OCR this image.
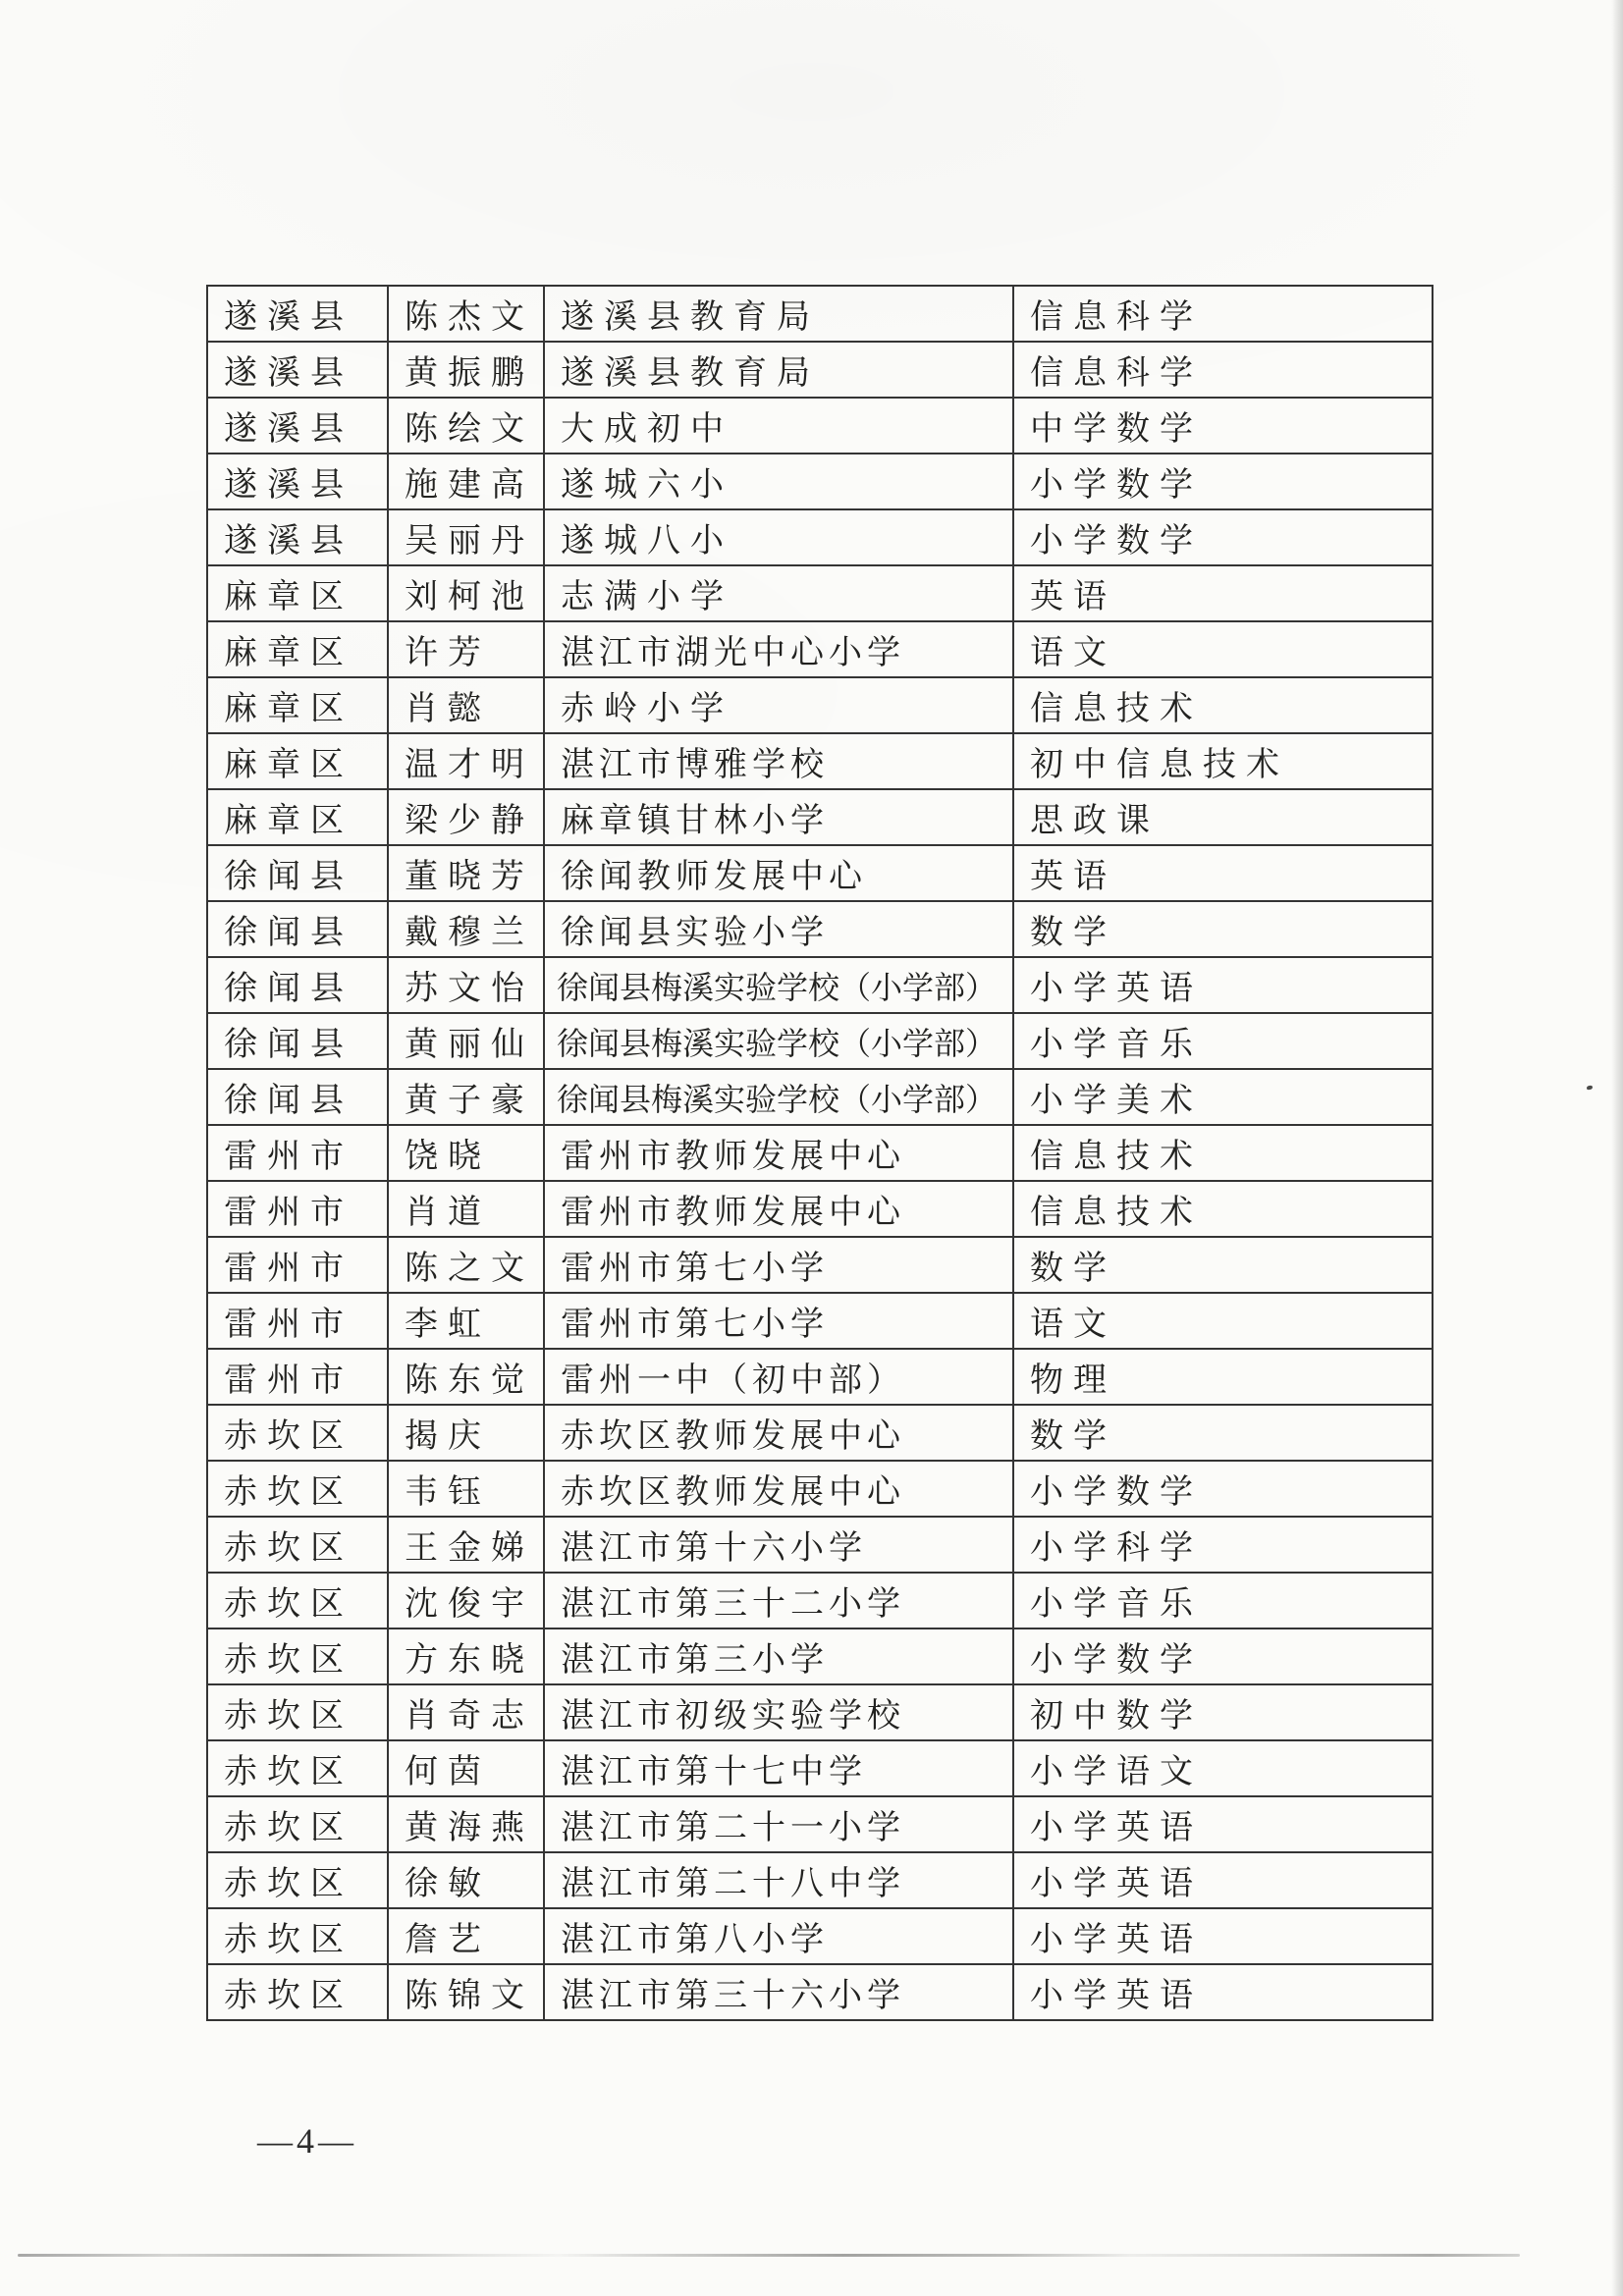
遂溪县	陈杰文	遂溪县教育局	信息科学
遂溪县	黄振鹏	遂溪县教育局	信息科学
遂溪县	陈绘文	大成初中	中学数学
遂溪县	施建高	遂城六小	小学数学
遂溪县	吴丽丹	遂城八小	小学数学
麻章区	刘柯池	志满小学	英语
麻章区	许芳	湛江市湖光中心小学	语文
麻章区	肖懿	赤岭小学	信息技术
麻章区	温才明	湛江市博雅学校	初中信息技术
麻章区	梁少静	麻章镇甘林小学	思政课
徐闻县	董晓芳	徐闻教师发展中心	英语
徐闻县	戴穆兰	徐闻县实验小学	数学
徐闻县	苏文怡	徐闻县梅溪实验学校（小学部）	小学英语
徐闻县	黄丽仙	徐闻县梅溪实验学校（小学部）	小学音乐
徐闻县	黄子豪	徐闻县梅溪实验学校（小学部）	小学美术
雷州市	饶晓	雷州市教师发展中心	信息技术
雷州市	肖道	雷州市教师发展中心	信息技术
雷州市	陈之文	雷州市第七小学	数学
雷州市	李虹	雷州市第七小学	语文
雷州市	陈东觉	雷州一中（初中部）	物理
赤坎区	揭庆	赤坎区教师发展中心	数学
赤坎区	韦钰	赤坎区教师发展中心	小学数学
赤坎区	王金娣	湛江市第十六小学	小学科学
赤坎区	沈俊宇	湛江市第三十二小学	小学音乐
赤坎区	方东晓	湛江市第三小学	小学数学
赤坎区	肖奇志	湛江市初级实验学校	初中数学
赤坎区	何茵	湛江市第十七中学	小学语文
赤坎区	黄海燕	湛江市第二十一小学	小学英语
赤坎区	徐敏	湛江市第二十八中学	小学英语
赤坎区	詹艺	湛江市第八小学	小学英语
赤坎区	陈锦文	湛江市第三十六小学	小学英语
—4—
